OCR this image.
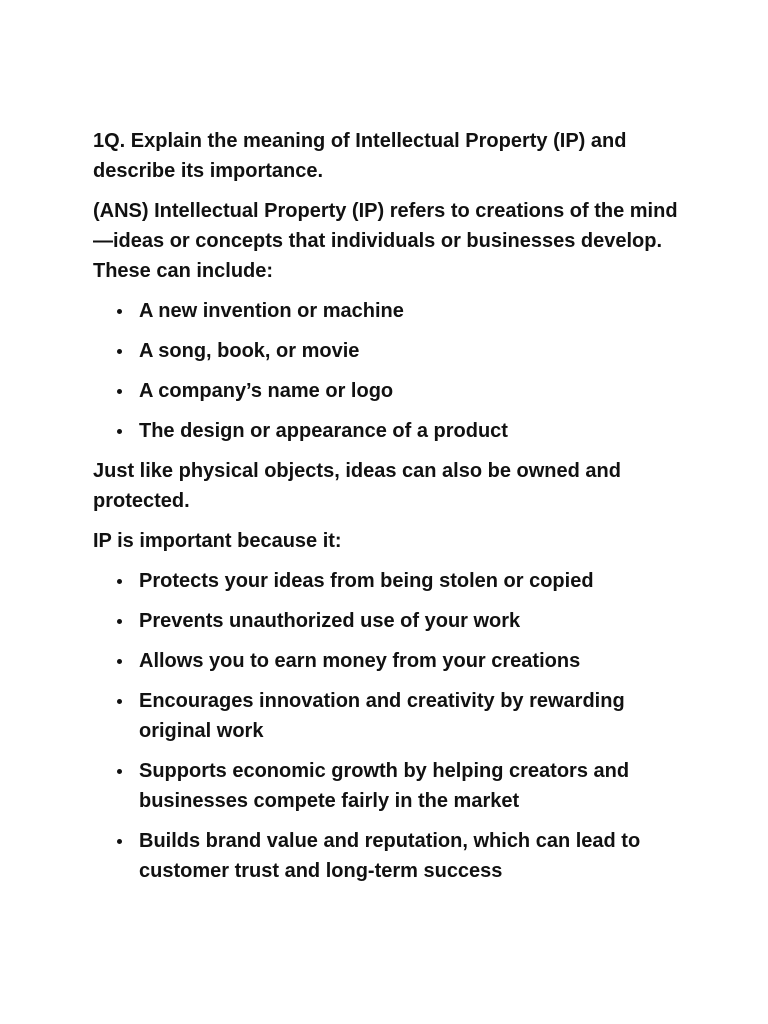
1Q. Explain the meaning of Intellectual Property (IP) and describe its importance.

(ANS) Intellectual Property (IP) refers to creations of the mind—ideas or concepts that individuals or businesses develop. These can include:

A new invention or machine
A song, book, or movie
A company’s name or logo
The design or appearance of a product

Just like physical objects, ideas can also be owned and protected.

IP is important because it:

Protects your ideas from being stolen or copied
Prevents unauthorized use of your work
Allows you to earn money from your creations
Encourages innovation and creativity by rewarding original work
Supports economic growth by helping creators and businesses compete fairly in the market
Builds brand value and reputation, which can lead to customer trust and long-term success
